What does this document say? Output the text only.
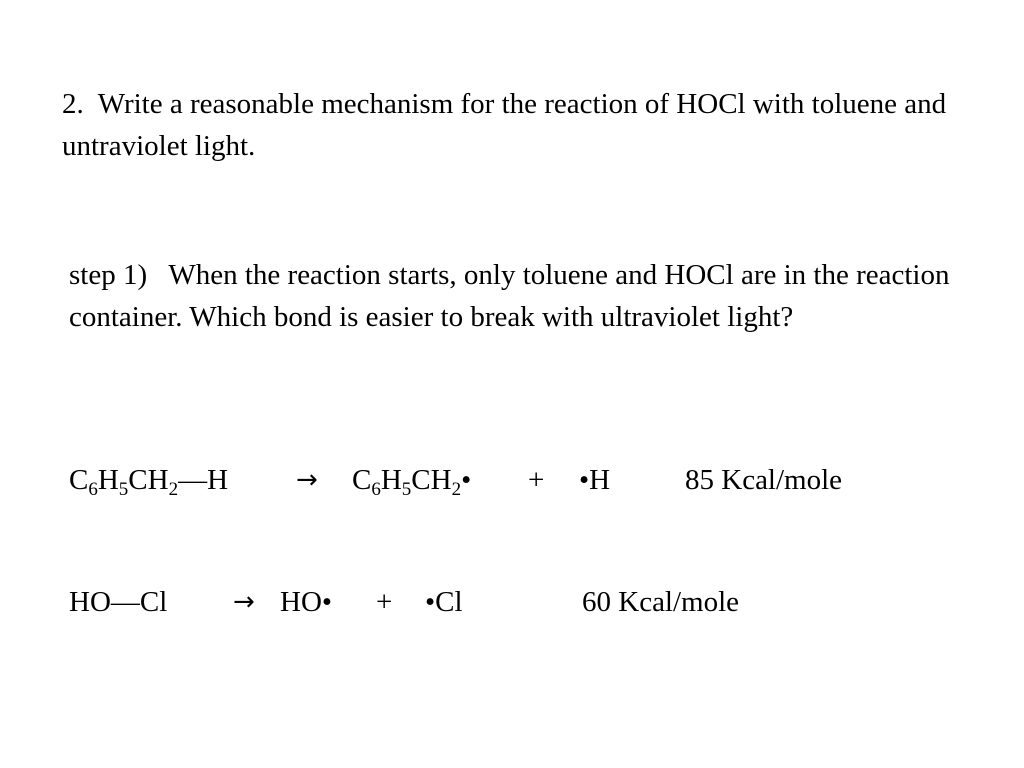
2. Write a reasonable mechanism for the reaction of HOCl with toluene and untraviolet light.

step 1) When the reaction starts, only toluene and HOCl are in the reaction container. Which bond is easier to break with ultraviolet light?

$C_6H_5CH_2—H$	→ $C_6H_5CH_2•$ + •H	85 Kcal/mole
HO—Cl	→ HO• + •Cl	60 Kcal/mole
